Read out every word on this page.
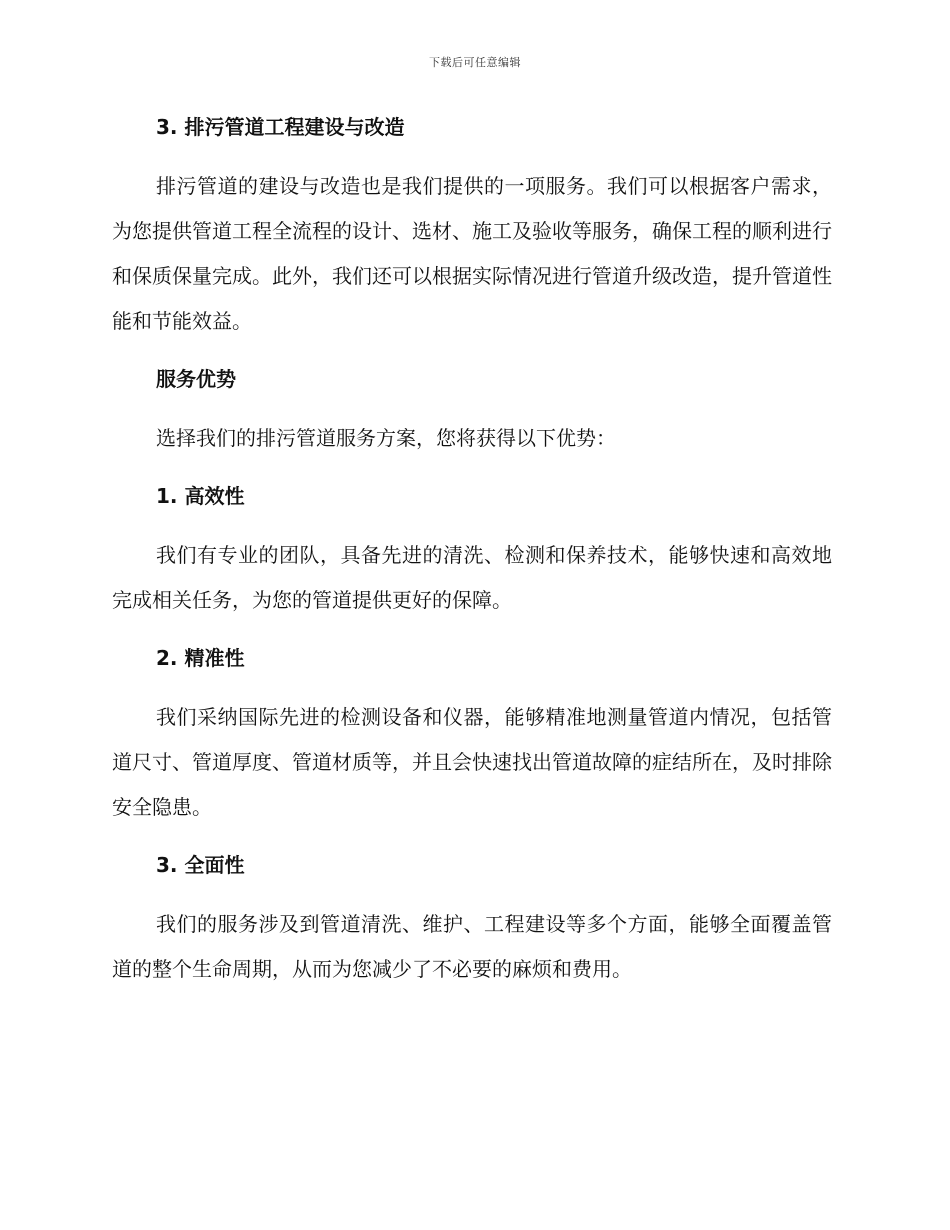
下载后可任意编辑
3. 排污管道工程建设与改造

排污管道的建设与改造也是我们提供的一项服务。我们可以根据客户需求，为您提供管道工程全流程的设计、选材、施工及验收等服务，确保工程的顺利进行和保质保量完成。此外，我们还可以根据实际情况进行管道升级改造，提升管道性能和节能效益。

服务优势

选择我们的排污管道服务方案，您将获得以下优势：

1. 高效性

我们有专业的团队，具备先进的清洗、检测和保养技术，能够快速和高效地完成相关任务，为您的管道提供更好的保障。

2. 精准性

我们采纳国际先进的检测设备和仪器，能够精准地测量管道内情况，包括管道尺寸、管道厚度、管道材质等，并且会快速找出管道故障的症结所在，及时排除安全隐患。

3. 全面性

我们的服务涉及到管道清洗、维护、工程建设等多个方面，能够全面覆盖管道的整个生命周期，从而为您减少了不必要的麻烦和费用。
